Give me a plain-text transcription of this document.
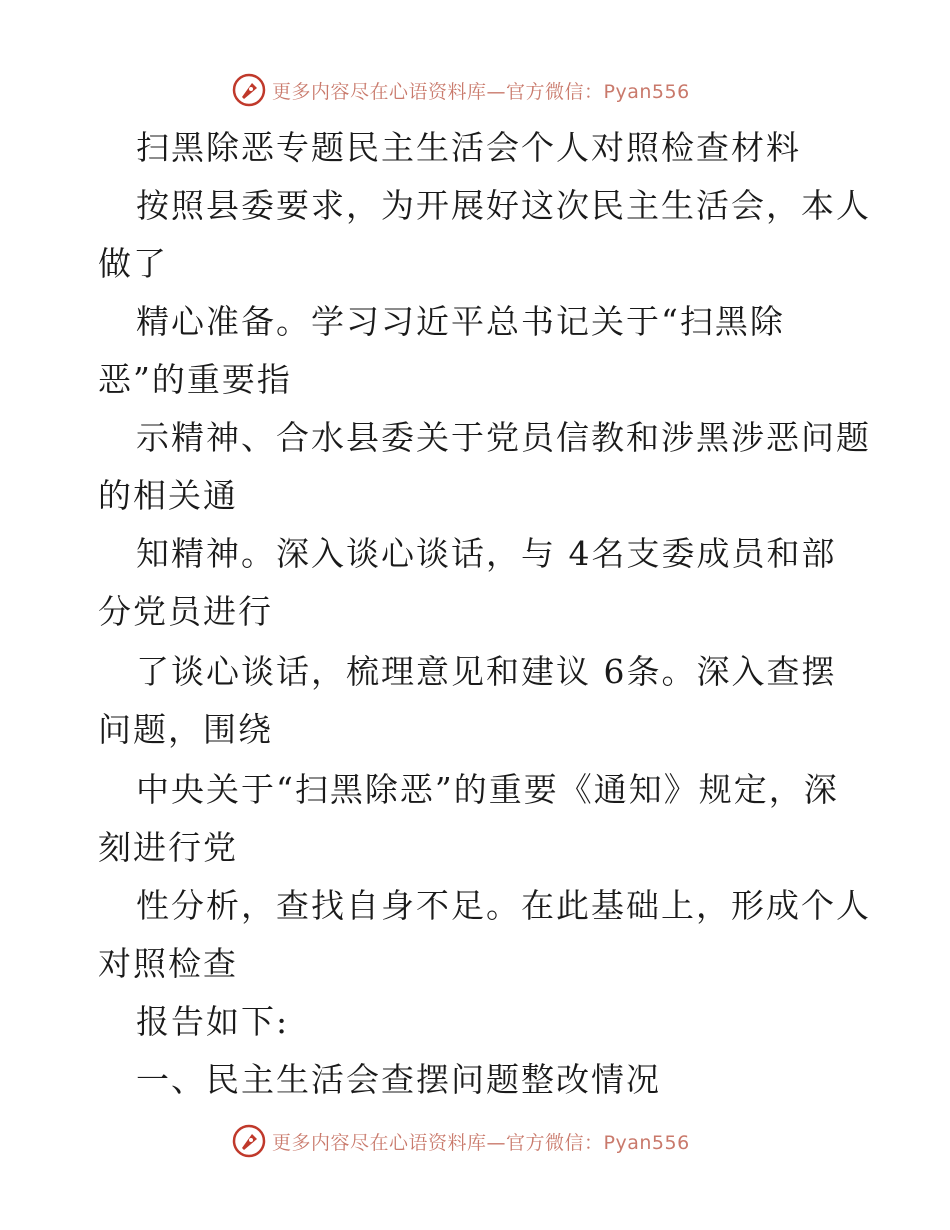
更多内容尽在心语资料库—官方微信：Pyan556
扫黑除恶专题民主生活会个人对照检查材料
按照县委要求，为开展好这次民主生活会，本人
做了
精心准备。学习习近平总书记关于“扫黑除
恶”的重要指
示精神、合水县委关于党员信教和涉黑涉恶问题
的相关通
知精神。深入谈心谈话，与 4名支委成员和部
分党员进行
了谈心谈话，梳理意见和建议 6条。深入查摆
问题，围绕
中央关于“扫黑除恶”的重要《通知》规定，深
刻进行党
性分析，查找自身不足。在此基础上，形成个人
对照检查
报告如下:
一、民主生活会查摆问题整改情况
更多内容尽在心语资料库—官方微信：Pyan556
